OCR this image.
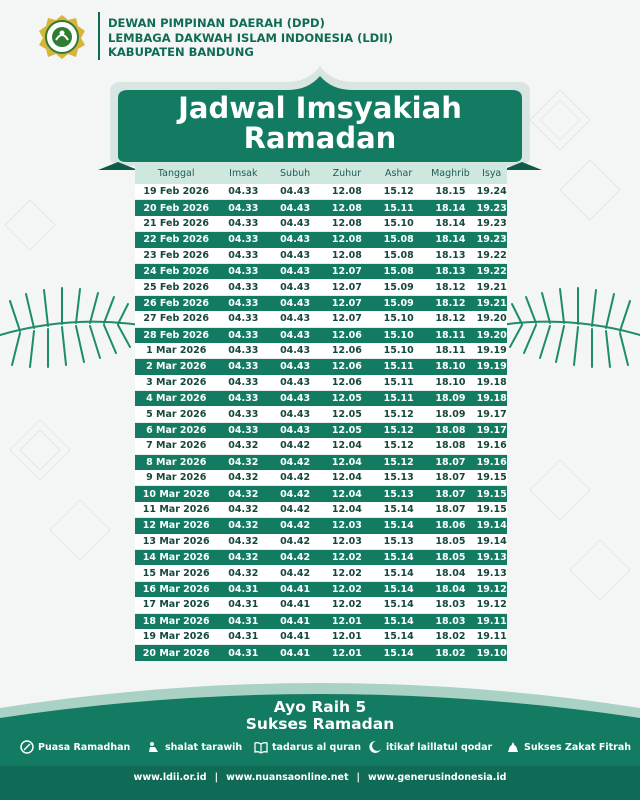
DEWAN PIMPINAN DAERAH (DPD)
LEMBAGA DAKWAH ISLAM INDONESIA (LDII)
KABUPATEN BANDUNG
Jadwal Imsyakiah
Ramadan
Tanggal	Imsak	Subuh	Zuhur	Ashar	Maghrib	Isya
19 Feb 2026	04.33	04.43	12.08	15.12	18.15	19.24
20 Feb 2026	04.33	04.43	12.08	15.11	18.14	19.23
21 Feb 2026	04.33	04.43	12.08	15.10	18.14	19.23
22 Feb 2026	04.33	04.43	12.08	15.08	18.14	19.23
23 Feb 2026	04.33	04.43	12.08	15.08	18.13	19.22
24 Feb 2026	04.33	04.43	12.07	15.08	18.13	19.22
25 Feb 2026	04.33	04.43	12.07	15.09	18.12	19.21
26 Feb 2026	04.33	04.43	12.07	15.09	18.12	19.21
27 Feb 2026	04.33	04.43	12.07	15.10	18.12	19.20
28 Feb 2026	04.33	04.43	12.06	15.10	18.11	19.20
1 Mar 2026	04.33	04.43	12.06	15.10	18.11	19.19
2 Mar 2026	04.33	04.43	12.06	15.11	18.10	19.19
3 Mar 2026	04.33	04.43	12.06	15.11	18.10	19.18
4 Mar 2026	04.33	04.43	12.05	15.11	18.09	19.18
5 Mar 2026	04.33	04.43	12.05	15.12	18.09	19.17
6 Mar 2026	04.33	04.43	12.05	15.12	18.08	19.17
7 Mar 2026	04.32	04.42	12.04	15.12	18.08	19.16
8 Mar 2026	04.32	04.42	12.04	15.12	18.07	19.16
9 Mar 2026	04.32	04.42	12.04	15.13	18.07	19.15
10 Mar 2026	04.32	04.42	12.04	15.13	18.07	19.15
11 Mar 2026	04.32	04.42	12.04	15.14	18.07	19.15
12 Mar 2026	04.32	04.42	12.03	15.14	18.06	19.14
13 Mar 2026	04.32	04.42	12.03	15.13	18.05	19.14
14 Mar 2026	04.32	04.42	12.02	15.14	18.05	19.13
15 Mar 2026	04.32	04.42	12.02	15.14	18.04	19.13
16 Mar 2026	04.31	04.41	12.02	15.14	18.04	19.12
17 Mar 2026	04.31	04.41	12.02	15.14	18.03	19.12
18 Mar 2026	04.31	04.41	12.01	15.14	18.03	19.11
19 Mar 2026	04.31	04.41	12.01	15.14	18.02	19.11
20 Mar 2026	04.31	04.41	12.01	15.14	18.02	19.10
Ayo Raih 5
Sukses Ramadan
Puasa Ramadhan	shalat tarawih	tadarus al quran	itikaf laillatul qodar	Sukses Zakat Fitrah
www.ldii.or.id | www.nuansaonline.net | www.generusindonesia.id
